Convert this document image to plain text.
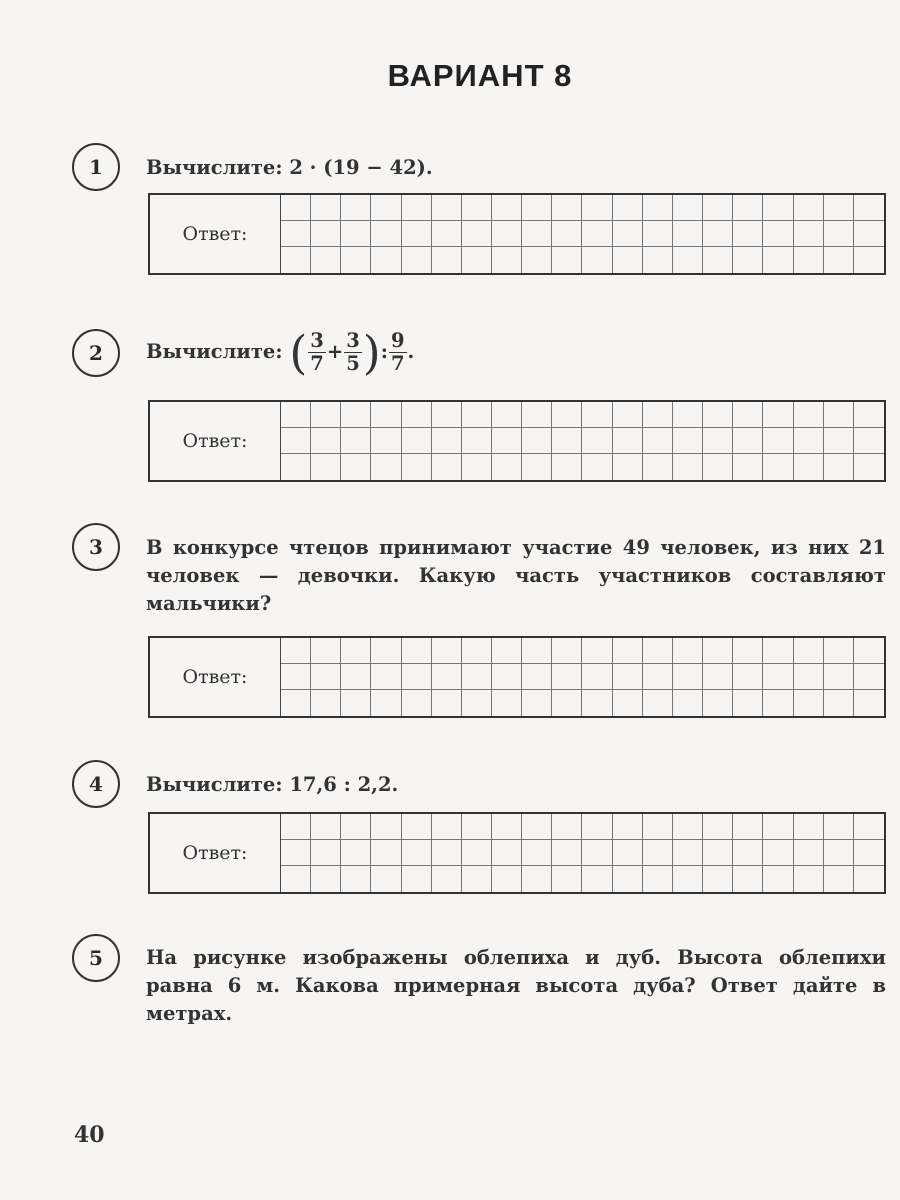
ВАРИАНТ 8
1 Вычислите: 2 · (19 − 42).
Ответ:
2 Вычислите: ( $\frac{3}{7} + \frac{3}{5}$ ): $\frac{9}{7}$ .
Ответ:
3 В конкурсе чтецов принимают участие 49 человек, из них 21 человек — девочки. Какую часть участников составляют мальчики?
Ответ:
4 Вычислите: 17,6 : 2,2.
Ответ:
5 На рисунке изображены облепиха и дуб. Высота облепихи равна 6 м. Какова примерная высота дуба? Ответ дайте в метрах.
40
